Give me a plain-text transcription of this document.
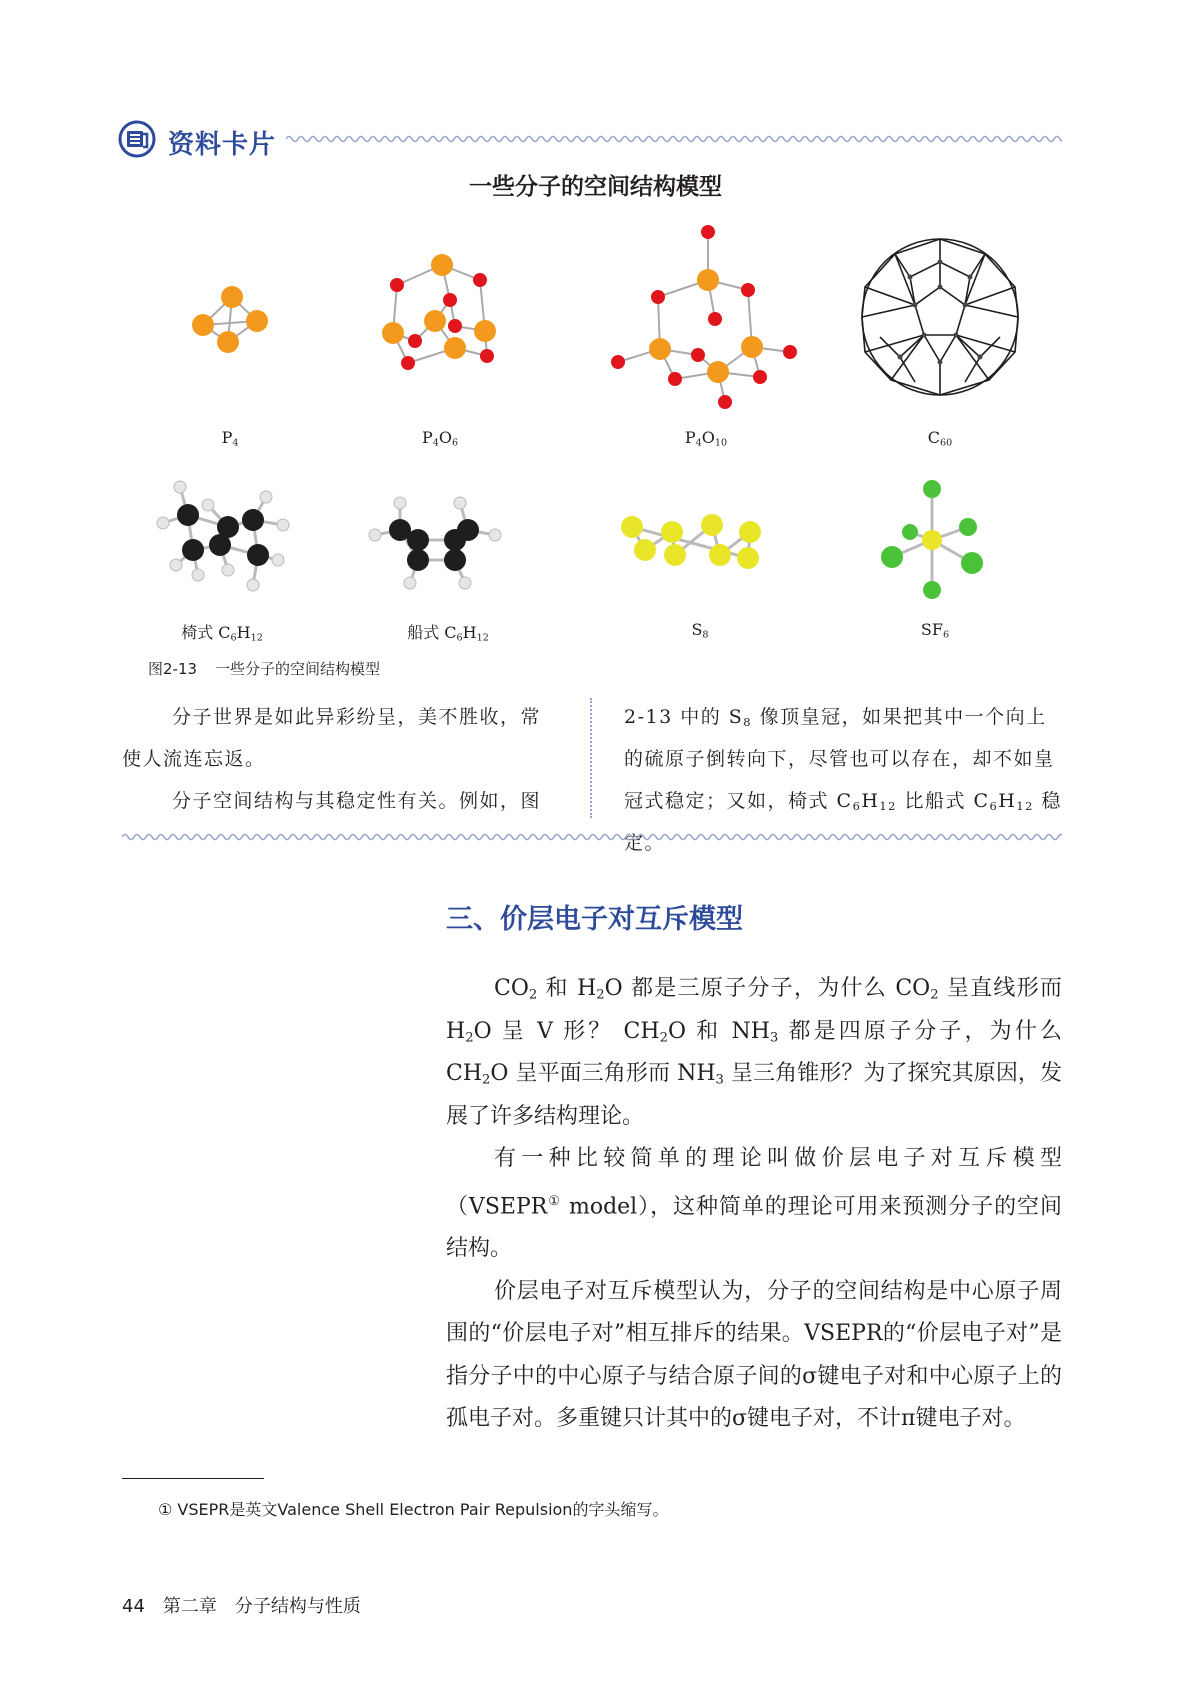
资料卡片
一些分子的空间结构模型
$P_4$	$P_4O_6$	$P_4O_{10}$	$C_{60}$
椅式 $C_6H_{12}$	船式 $C_6H_{12}$	$S_8$	$SF_6$
图2-13 一些分子的空间结构模型

分子世界是如此异彩纷呈，美不胜收，常使人流连忘返。

分子空间结构与其稳定性有关。例如，图

2-13 中的 $S_8$ 像顶皇冠，如果把其中一个向上的硫原子倒转向下，尽管也可以存在，却不如皇冠式稳定；又如，椅式 $C_6H_{12}$ 比船式 $C_6H_{12}$ 稳定。

三、价层电子对互斥模型

$CO_2$ 和 $H_2O$ 都是三原子分子，为什么 $CO_2$ 呈直线形而 $H_2O$ 呈 V 形？ $CH_2O$ 和 $NH_3$ 都是四原子分子，为什么 $CH_2O$ 呈平面三角形而 $NH_3$ 呈三角锥形？为了探究其原因，发展了许多结构理论。

有一种比较简单的理论叫做价层电子对互斥模型（VSEPR① model），这种简单的理论可用来预测分子的空间结构。

价层电子对互斥模型认为，分子的空间结构是中心原子周围的“价层电子对”相互排斥的结果。VSEPR的“价层电子对”是指分子中的中心原子与结合原子间的σ键电子对和中心原子上的孤电子对。多重键只计其中的σ键电子对，不计π键电子对。

① VSEPR是英文Valence Shell Electron Pair Repulsion的字头缩写。
44 第二章　分子结构与性质
